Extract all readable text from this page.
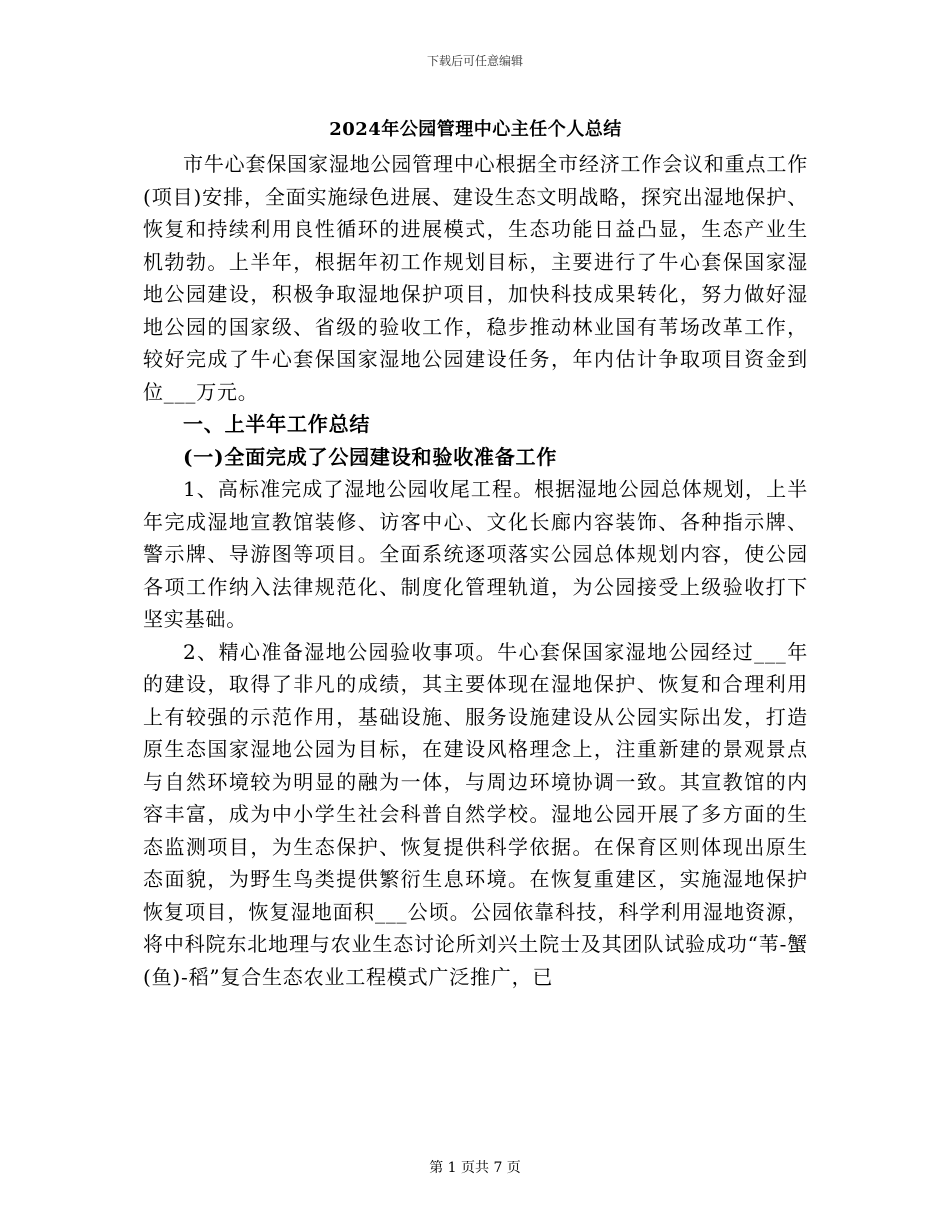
下载后可任意编辑
2024年公园管理中心主任个人总结

市牛心套保国家湿地公园管理中心根据全市经济工作会议和重点工作(项目)安排，全面实施绿色进展、建设生态文明战略，探究出湿地保护、恢复和持续利用良性循环的进展模式，生态功能日益凸显，生态产业生机勃勃。上半年，根据年初工作规划目标，主要进行了牛心套保国家湿地公园建设，积极争取湿地保护项目，加快科技成果转化，努力做好湿地公园的国家级、省级的验收工作，稳步推动林业国有苇场改革工作，较好完成了牛心套保国家湿地公园建设任务，年内估计争取项目资金到位___万元。

一、上半年工作总结

(一)全面完成了公园建设和验收准备工作

1、高标准完成了湿地公园收尾工程。根据湿地公园总体规划，上半年完成湿地宣教馆装修、访客中心、文化长廊内容装饰、各种指示牌、警示牌、导游图等项目。全面系统逐项落实公园总体规划内容，使公园各项工作纳入法律规范化、制度化管理轨道，为公园接受上级验收打下坚实基础。

2、精心准备湿地公园验收事项。牛心套保国家湿地公园经过___年的建设，取得了非凡的成绩，其主要体现在湿地保护、恢复和合理利用上有较强的示范作用，基础设施、服务设施建设从公园实际出发，打造原生态国家湿地公园为目标，在建设风格理念上，注重新建的景观景点与自然环境较为明显的融为一体，与周边环境协调一致。其宣教馆的内容丰富，成为中小学生社会科普自然学校。湿地公园开展了多方面的生态监测项目，为生态保护、恢复提供科学依据。在保育区则体现出原生态面貌，为野生鸟类提供繁衍生息环境。在恢复重建区，实施湿地保护恢复项目，恢复湿地面积___公顷。公园依靠科技，科学利用湿地资源，将中科院东北地理与农业生态讨论所刘兴土院士及其团队试验成功“苇-蟹(鱼)-稻”复合生态农业工程模式广泛推广，已

第 1 页共 7 页
